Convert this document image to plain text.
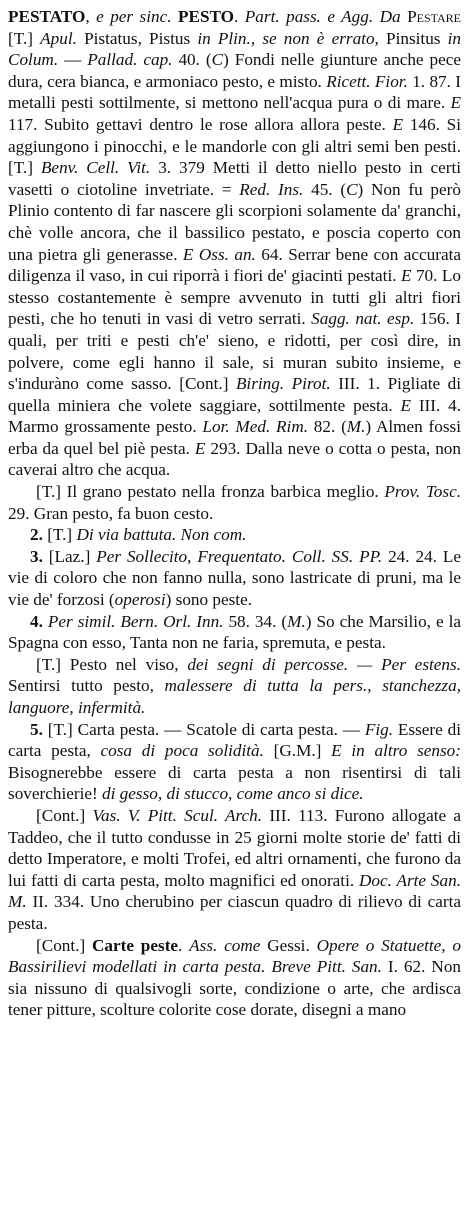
PESTATO, e per sinc. PESTO. Part. pass. e Agg. Da Pestare [T.] Apul. Pistatus, Pistus in Plin., se non è errato, Pinsitus in Colum. — Pallad. cap. 40. (C) Fondi nelle giunture anche pece dura, cera bianca, e armoniaco pesto, e misto. Ricett. Fior. 1. 87. I metalli pesti sottilmente, si mettono nell'acqua pura o di mare. E 117. Subito gettavi dentro le rose allora allora peste. E 146. Si aggiungono i pinocchi, e le mandorle con gli altri semi ben pesti. [T.] Benv. Cell. Vit. 3. 379 Metti il detto niello pesto in certi vasetti o ciotoline invetriate. = Red. Ins. 45. (C) Non fu però Plinio contento di far nascere gli scorpioni solamente da' granchi, chè volle ancora, che il bassilico pestato, e poscia coperto con una pietra gli generasse. E Oss. an. 64. Serrar bene con accurata diligenza il vaso, in cui riporrà i fiori de' giacinti pestati. E 70. Lo stesso costantemente è sempre avvenuto in tutti gli altri fiori pesti, che ho tenuti in vasi di vetro serrati. Sagg. nat. esp. 156. I quali, per triti e pesti ch'e' sieno, e ridotti, per così dire, in polvere, come egli hanno il sale, si muran subito insieme, e s'induràno come sasso. [Cont.] Biring. Pirot. III. 1. Pigliate di quella miniera che volete saggiare, sottilmente pesta. E III. 4. Marmo grossamente pesto. Lor. Med. Rim. 82. (M.) Almen fossi erba da quel bel piè pesta. E 293. Dalla neve o cotta o pesta, non caverai altro che acqua.

[T.] Il grano pestato nella fronza barbica meglio. Prov. Tosc. 29. Gran pesto, fa buon cesto.

2. [T.] Di via battuta. Non com.

3. [Laz.] Per Sollecito, Frequentato. Coll. SS. PP. 24. 24. Le vie di coloro che non fanno nulla, sono lastricate di pruni, ma le vie de' forzosi (operosi) sono peste.

4. Per simil. Bern. Orl. Inn. 58. 34. (M.) So che Marsilio, e la Spagna con esso, Tanta non ne faria, spremuta, e pesta.

[T.] Pesto nel viso, dei segni di percosse. — Per estens. Sentirsi tutto pesto, malessere di tutta la pers., stanchezza, languore, infermità.

5. [T.] Carta pesta. — Scatole di carta pesta. — Fig. Essere di carta pesta, cosa di poca solidità. [G.M.] E in altro senso: Bisognerebbe essere di carta pesta a non risentirsi di tali soverchierie! di gesso, di stucco, come anco si dice.

[Cont.] Vas. V. Pitt. Scul. Arch. III. 113. Furono allogate a Taddeo, che il tutto condusse in 25 giorni molte storie de' fatti di detto Imperatore, e molti Trofei, ed altri ornamenti, che furono da lui fatti di carta pesta, molto magnifici ed onorati. Doc. Arte San. M. II. 334. Uno cherubino per ciascun quadro di rilievo di carta pesta.

[Cont.] Carte peste. Ass. come Gessi. Opere o Statuette, o Bassirilievi modellati in carta pesta. Breve Pitt. San. I. 62. Non sia nissuno di qualsivogli sorte, condizione o arte, che ardisca tener pitture, scolture colorite cose dorate, disegni a mano
